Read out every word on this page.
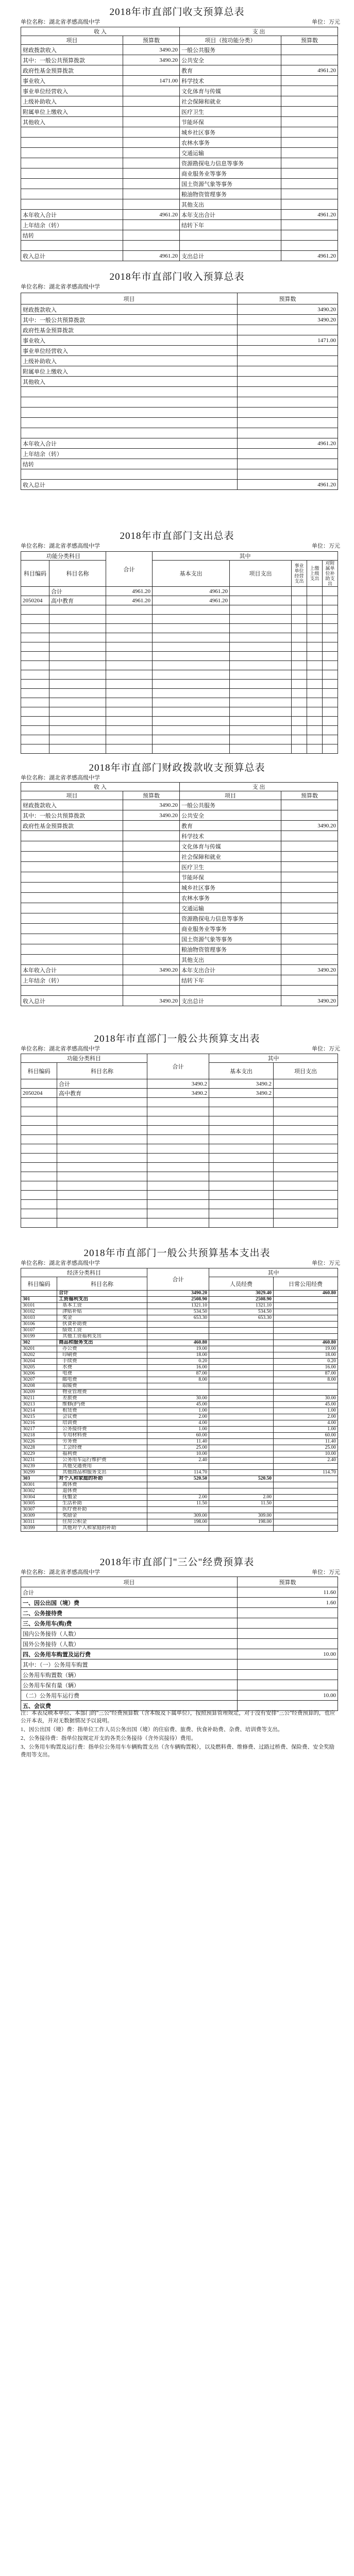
2018年市直部门收支预算总表
单位名称：湖北省孝感高级中学	单位：万元
收 入		支 出	
项目	预算数	项目（按功能分类）	预算数
财政拨款收入	3490.20	一般公共服务	
其中：一般公共预算拨款	3490.20	公共安全	
政府性基金预算拨款		教育	4961.20
事业收入	1471.00	科学技术	
事业单位经营收入		文化体育与传媒	
上级补助收入		社会保障和就业	
附属单位上缴收入		医疗卫生	
其他收入		节能环保	
		城乡社区事务	
		农林水事务	
		交通运输	
		资源勘探电力信息等事务	
		商业服务业等事务	
		国土资源气象等事务	
		粮油物资管理事务	
		其他支出	
本年收入合计	4961.20	本年支出合计	4961.20
上年结余（转）		结转下年	
结转			

收入总计	4961.20	支出总计	4961.20
2018年市直部门收入预算总表
单位名称：湖北省孝感高级中学
项目	预算数
财政拨款收入	3490.20
其中：一般公共预算拨款	3490.20
政府性基金预算拨款	
事业收入	1471.00
事业单位经营收入	
上级补助收入	
附属单位上缴收入	
其他收入	

本年收入合计	4961.20
上年结余（转）	
结转	

收入总计	4961.20
2018年市直部门支出总表
单位名称：湖北省孝感高级中学	单位：万元
功能分类科目		合计	其中				
科目编码	科目名称		基本支出	项目支出	事业单位经营支出	上缴上级支出	对附属单位补助支出

	合计	4961.20	4961.20				
2050204	高中教育	4961.20	4961.20				

2018年市直部门财政拨款收支预算总表
单位名称：湖北省孝感高级中学
收 入		支 出	
项目	预算数	项目	预算数
财政拨款收入	3490.20	一般公共服务	
其中：一般公共预算拨款	3490.20	公共安全	
政府性基金预算拨款		教育	3490.20
		科学技术	
		文化体育与传媒	
		社会保障和就业	
		医疗卫生	
		节能环保	
		城乡社区事务	
		农林水事务	
		交通运输	
		资源勘探电力信息等事务	
		商业服务业等事务	
		国土资源气象等事务	
		粮油物资管理事务	
		其他支出	
本年收入合计	3490.20	本年支出合计	3490.20
上年结余（转）		结转下年	

收入总计	3490.20	支出总计	3490.20
2018年市直部门一般公共预算支出表
单位名称：湖北省孝感高级中学	单位：万元
功能分类科目		合计	其中	
科目编码	科目名称		基本支出	项目支出

	合计	3490.2	3490.2	
2050204	高中教育	3490.2	3490.2	

2018年市直部门一般公共预算基本支出表
单位名称：湖北省孝感高级中学	单位：万元
经济分类科目		合计	其中	
科目编码	科目名称		人员经费	日常公用经费

	合计	3490.20	3029.40	460.80
301	工资福利支出	2508.90	2508.90	
30101	基本工资	1321.10	1321.10	
30102	津贴补贴	534.50	534.50	
30103	奖金	653.30	653.30	
30106	伙食补助费			
30107	绩效工资			
30199	其他工资福利支出			
302	商品和服务支出	460.80		460.80
30201	办公费	19.00		19.00
30202	印刷费	18.00		18.00
30204	手续费	0.20		0.20
30205	水费	16.00		16.00
30206	电费	87.00		87.00
30207	邮电费	8.00		8.00
30208	取暖费			
30209	物业管理费			
30211	差旅费	30.00		30.00
30213	维修(护)费	45.00		45.00
30214	租赁费	1.00		1.00
30215	会议费	2.00		2.00
30216	培训费	4.00		4.00
30217	公务接待费	1.00		1.00
30218	专用材料费	60.00		60.00
30226	劳务费	11.40		11.40
30228	工会经费	25.00		25.00
30229	福利费	10.00		10.00
30231	公务用车运行维护费	2.40		2.40
30239	其他交通费用			
30299	其他商品和服务支出	114.70		114.70
303	对个人和家庭的补助	520.50	520.50	
30301	离休费			
30302	退休费			
30304	抚恤金	2.00	2.00	
30305	生活补助	11.50	11.50	
30307	医疗费补助			
30309	奖励金	309.00	309.00	
30311	住房公积金	198.00	198.00	
30399	其他对个人和家庭的补助			
2018年市直部门"三公"经费预算表
单位名称：湖北省孝感高级中学	单位：万元
项目	预算数
合计	11.60
一、因公出国（境）费	1.60
二、公务接待费	
三、公务用车(购)费	
国内公务接待（人数）	
国外公务接待（人数）	
四、公务用车购置及运行费	10.00
其中：（一）公务用车购置	
公务用车购置数（辆）	
公务用车保有量（辆）	
（二）公务用车运行费	10.00
五、会议费	
注：本表反映本单位、本部门的"三公"经费预算数（含本级及下属单位），按照预算管理规定，对于没有安排"三公"经费预算的，也应公开本表，并对无数据情况予以说明。
1、因公出国（境）费：指单位工作人员公务出国（境）的住宿费、旅费、伙食补助费、杂费、培训费等支出。
2、公务接待费：指单位按规定开支的各类公务接待（含外宾接待）费用。
3、公务用车购置及运行费：指单位公务用车车辆购置支出（含车辆购置税），以及燃料费、维修费、过路过桥费、保险费、安全奖励费用等支出。
